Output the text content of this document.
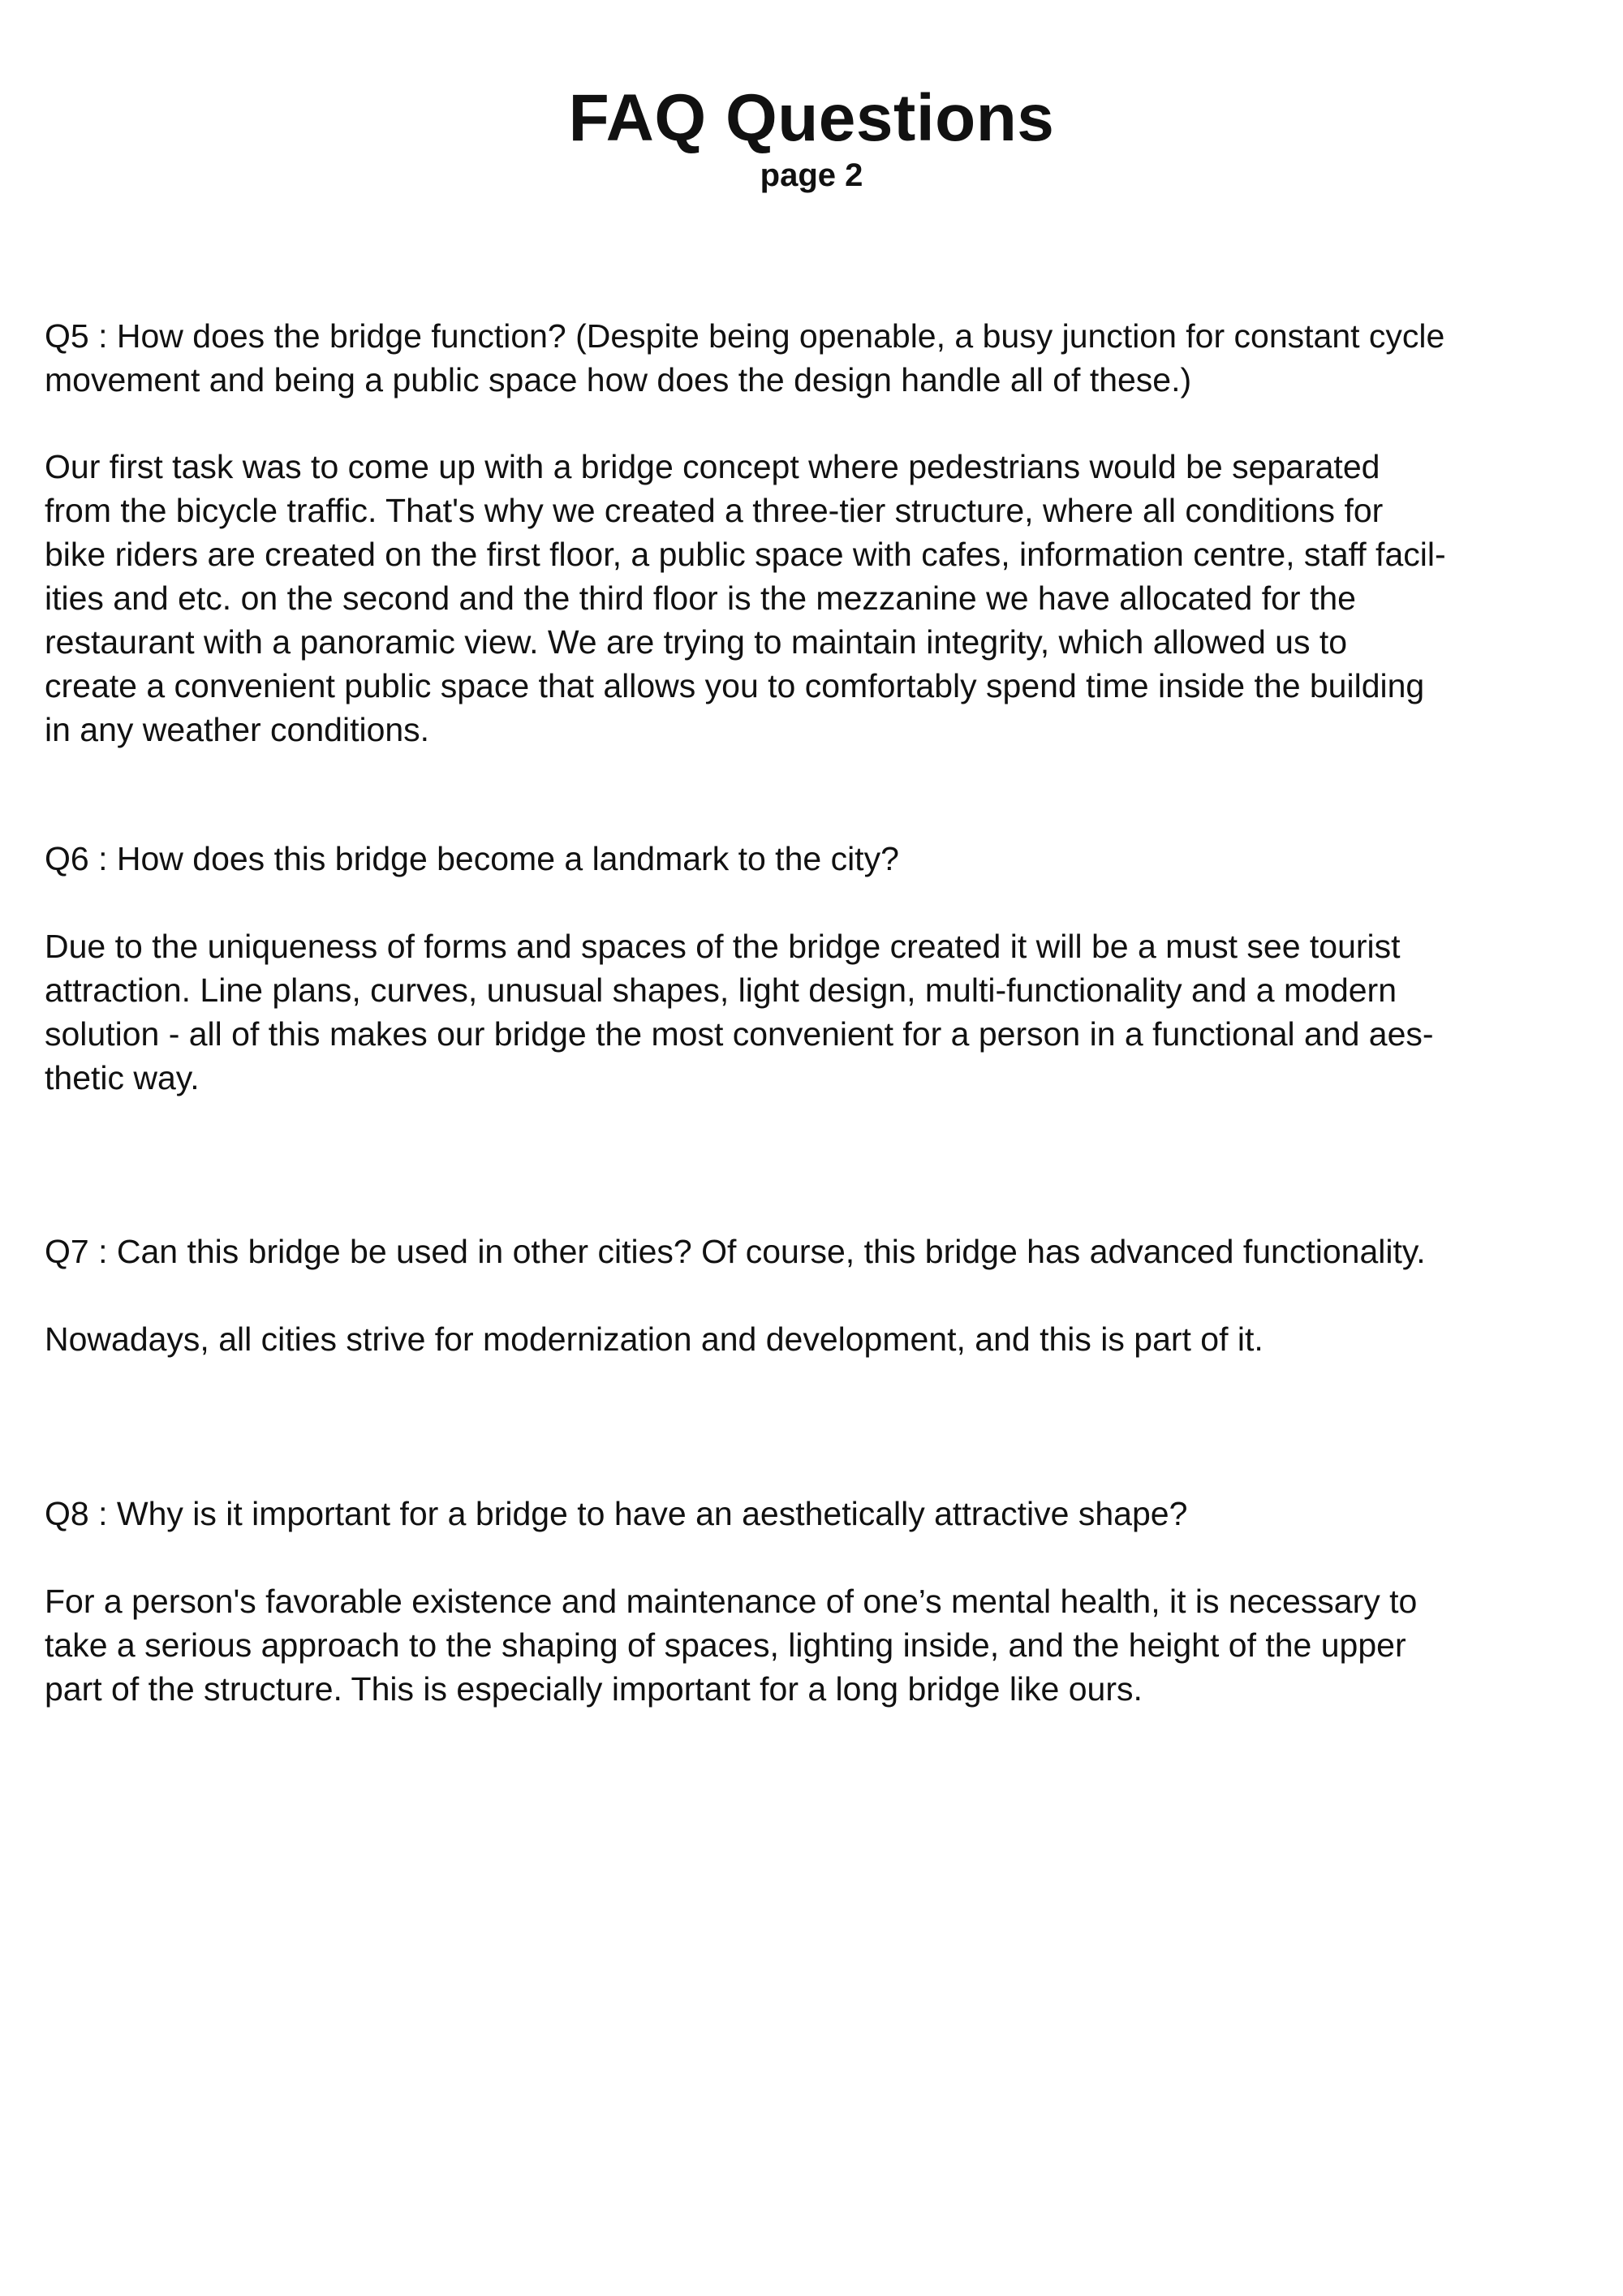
FAQ Questions

page 2

Q5 : How does the bridge function? (Despite being openable, a busy junction for constant cycle
movement and being a public space how does the design handle all of these.)

Our first task was to come up with a bridge concept where pedestrians would be separated
from the bicycle traffic. That's why we created a three-tier structure, where all conditions for
bike riders are created on the first floor, a public space with cafes, information centre, staff facil-
ities and etc. on the second and the third floor is the mezzanine we have allocated for the
restaurant with a panoramic view. We are trying to maintain integrity, which allowed us to
create a convenient public space that allows you to comfortably spend time inside the building
in any weather conditions.

Q6 : How does this bridge become a landmark to the city?

Due to the uniqueness of forms and spaces of the bridge created it will be a must see tourist
attraction. Line plans, curves, unusual shapes, light design, multi-functionality and a modern
solution - all of this makes our bridge the most convenient for a person in a functional and aes-
thetic way.

Q7 : Can this bridge be used in other cities? Of course, this bridge has advanced functionality.

Nowadays, all cities strive for modernization and development, and this is part of it.

Q8 : Why is it important for a bridge to have an aesthetically attractive shape?

For a person's favorable existence and maintenance of one’s mental health, it is necessary to
take a serious approach to the shaping of spaces, lighting inside, and the height of the upper
part of the structure. This is especially important for a long bridge like ours.
